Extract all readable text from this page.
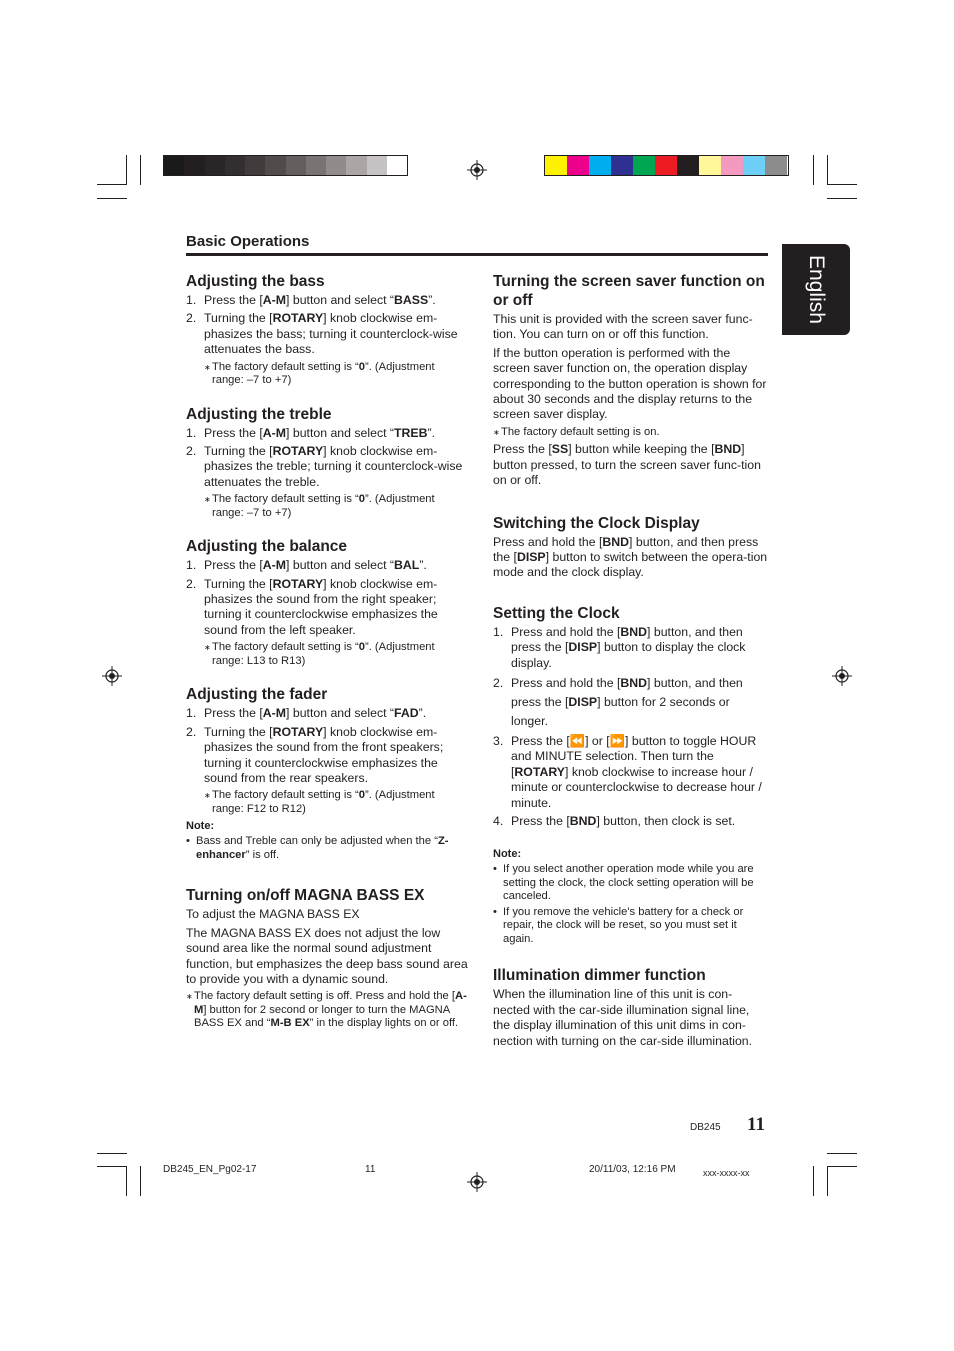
Basic Operations
English
Adjusting the bass
1. Press the [A-M] button and select “BASS”.
2. Turning the [ROTARY] knob clockwise em-phasizes the bass; turning it counterclock-wise attenuates the bass.
∗ The factory default setting is “0”. (Adjustment range: –7 to +7)
Adjusting the treble
1. Press the [A-M] button and select “TREB”.
2. Turning the [ROTARY] knob clockwise em-phasizes the treble; turning it counterclock-wise attenuates the treble.
∗ The factory default setting is “0”. (Adjustment range: –7 to +7)
Adjusting the balance
1. Press the [A-M] button and select “BAL”.
2. Turning the [ROTARY] knob clockwise em-phasizes the sound from the right speaker; turning it counterclockwise emphasizes the sound from the left speaker.
∗ The factory default setting is “0”. (Adjustment range: L13 to R13)
Adjusting the fader
1. Press the [A-M] button and select “FAD”.
2. Turning the [ROTARY] knob clockwise em-phasizes the sound from the front speakers; turning it counterclockwise emphasizes the sound from the rear speakers.
∗ The factory default setting is “0”. (Adjustment range: F12 to R12)
Note:
• Bass and Treble can only be adjusted when the “Z-enhancer” is off.
Turning on/off MAGNA BASS EX

To adjust the MAGNA BASS EX

The MAGNA BASS EX does not adjust the low sound area like the normal sound adjustment function, but emphasizes the deep bass sound area to provide you with a dynamic sound.

∗ The factory default setting is off. Press and hold the [A-M] button for 2 second or longer to turn the MAGNA BASS EX and “M-B EX” in the display lights on or off.
Turning the screen saver function on or off

This unit is provided with the screen saver func-tion. You can turn on or off this function.

If the button operation is performed with the screen saver function on, the operation display corresponding to the button operation is shown for about 30 seconds and the display returns to the screen saver display.

∗ The factory default setting is on.

Press the [SS] button while keeping the [BND] button pressed, to turn the screen saver func-tion on or off.

Switching the Clock Display

Press and hold the [BND] button, and then press the [DISP] button to switch between the opera-tion mode and the clock display.

Setting the Clock
1. Press and hold the [BND] button, and then press the [DISP] button to display the clock display.
2. Press and hold the [BND] button, and then press the [DISP] button for 2 seconds or longer.
3. Press the [⏪] or [⏩] button to toggle HOUR and MINUTE selection. Then turn the [ROTARY] knob clockwise to increase hour / minute or counterclockwise to decrease hour / minute.
4. Press the [BND] button, then clock is set.
Note:
• If you select another operation mode while you are setting the clock, the clock setting operation will be canceled.
• If you remove the vehicle's battery for a check or repair, the clock will be reset, so you must set it again.
Illumination dimmer function

When the illumination line of this unit is con-nected with the car-side illumination signal line, the display illumination of this unit dims in con-nection with turning on the car-side illumination.

DB245 11
DB245_EN_Pg02-17	11	20/11/03, 12:16 PM	xxx-xxxx-xx
